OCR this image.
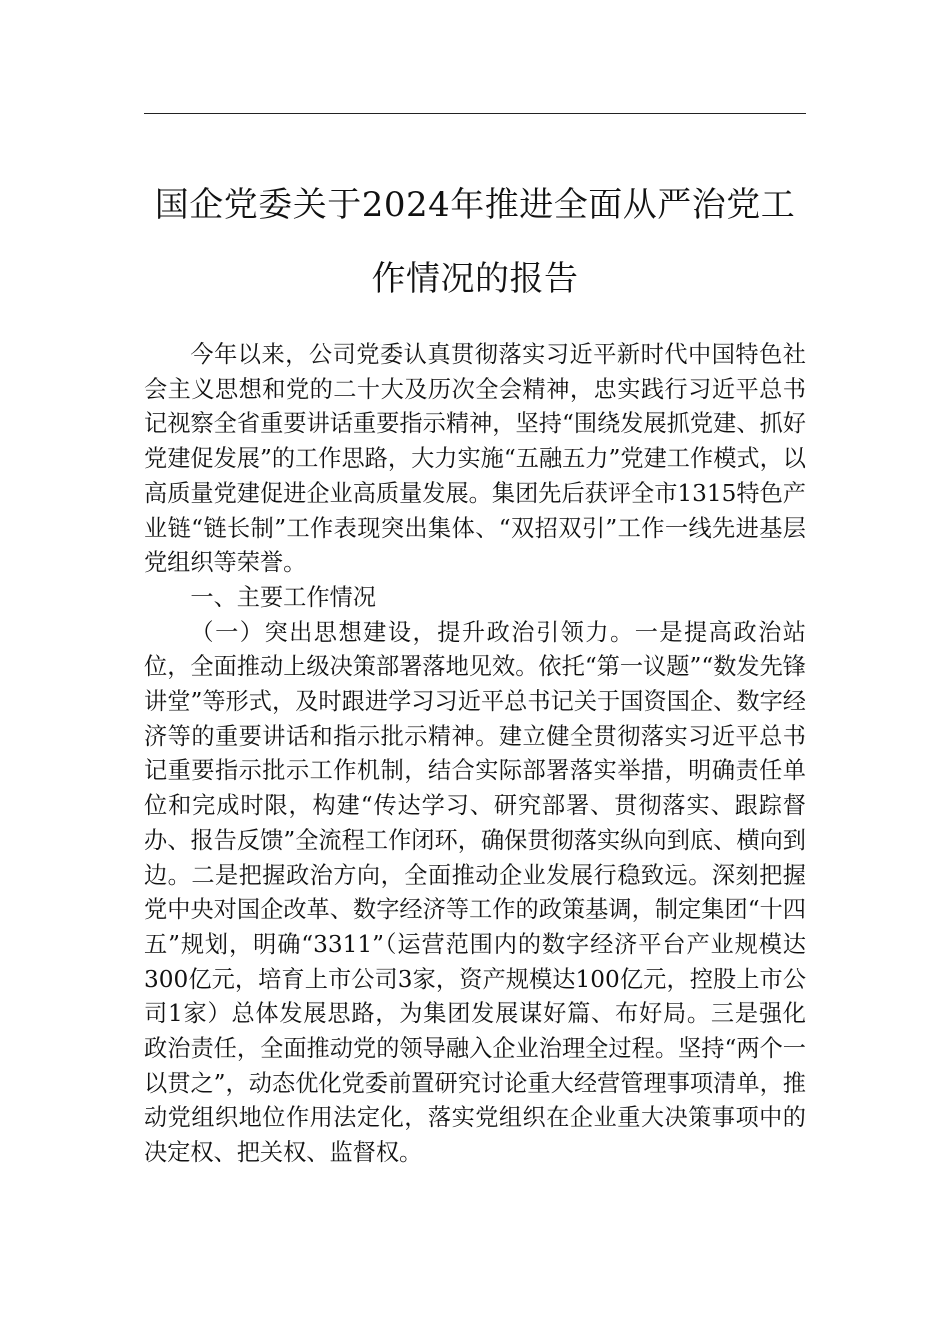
国企党委关于2024年推进全面从严治党工
作情况的报告

今年以来，公司党委认真贯彻落实习近平新时代中国特色社会主义思想和党的二十大及历次全会精神，忠实践行习近平总书记视察全省重要讲话重要指示精神，坚持“围绕发展抓党建、抓好党建促发展”的工作思路，大力实施“五融五力”党建工作模式，以高质量党建促进企业高质量发展。集团先后获评全市1315特色产业链“链长制”工作表现突出集体、“双招双引”工作一线先进基层党组织等荣誉。

一、主要工作情况

（一）突出思想建设，提升政治引领力。一是提高政治站位，全面推动上级决策部署落地见效。依托“第一议题”“数发先锋讲堂”等形式，及时跟进学习习近平总书记关于国资国企、数字经济等的重要讲话和指示批示精神。建立健全贯彻落实习近平总书记重要指示批示工作机制，结合实际部署落实举措，明确责任单位和完成时限，构建“传达学习、研究部署、贯彻落实、跟踪督办、报告反馈”全流程工作闭环，确保贯彻落实纵向到底、横向到边。二是把握政治方向，全面推动企业发展行稳致远。深刻把握党中央对国企改革、数字经济等工作的政策基调，制定集团“十四五”规划，明确“3311”（运营范围内的数字经济平台产业规模达300亿元，培育上市公司3家，资产规模达100亿元，控股上市公司1家）总体发展思路，为集团发展谋好篇、布好局。三是强化政治责任，全面推动党的领导融入企业治理全过程。坚持“两个一以贯之”，动态优化党委前置研究讨论重大经营管理事项清单，推动党组织地位作用法定化，落实党组织在企业重大决策事项中的决定权、把关权、监督权。
